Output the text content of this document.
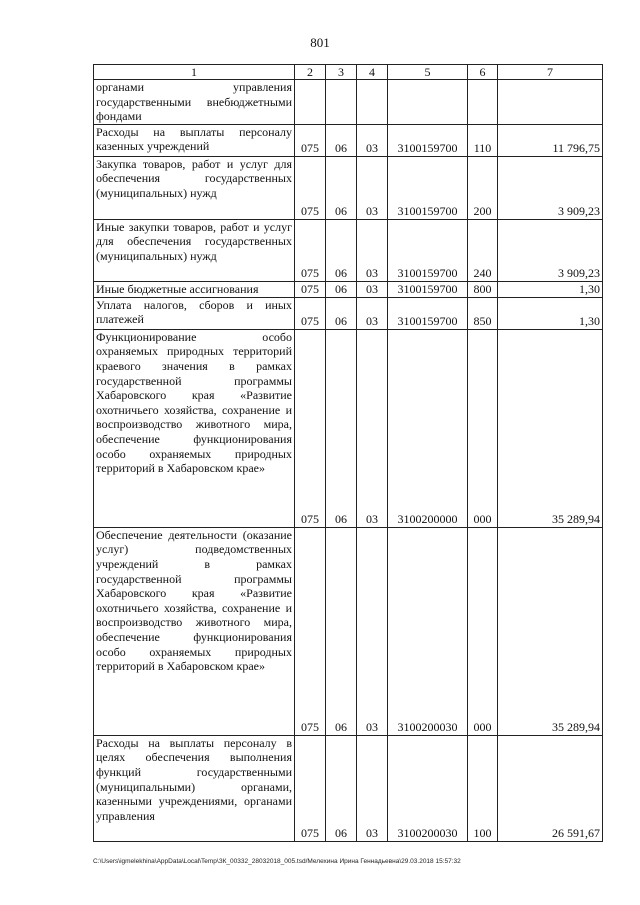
801
1	2	3	4	5	6	7
органами управления государственными внебюджетными фондами						
Расходы на выплаты персоналу казенных учреждений	075	06	03	3100159700	110	11 796,75
Закупка товаров, работ и услуг для обеспечения государственных (муниципальных) нужд	075	06	03	3100159700	200	3 909,23
Иные закупки товаров, работ и услуг для обеспечения государственных (муниципальных) нужд	075	06	03	3100159700	240	3 909,23
Иные бюджетные ассигнования	075	06	03	3100159700	800	1,30
Уплата налогов, сборов и иных платежей	075	06	03	3100159700	850	1,30
Функционирование особо охраняемых природных территорий краевого значения в рамках государственной программы Хабаровского края «Развитие охотничьего хозяйства, сохранение и воспроизводство животного мира, обеспечение функционирования особо охраняемых природных территорий в Хабаровском крае»	075	06	03	3100200000	000	35 289,94
Обеспечение деятельности (оказание услуг) подведомственных учреждений в рамках государственной программы Хабаровского края «Развитие охотничьего хозяйства, сохранение и воспроизводство животного мира, обеспечение функционирования особо охраняемых природных территорий в Хабаровском крае»	075	06	03	3100200030	000	35 289,94
Расходы на выплаты персоналу в целях обеспечения выполнения функций государственными (муниципальными) органами, казенными учреждениями, органами управления	075	06	03	3100200030	100	26 591,67
C:\Users\igmelekhina\AppData\Local\Temp\ЗК_00332_28032018_005.tsd/Мелехина Ирина Геннадьевна\29.03.2018 15:57:32
